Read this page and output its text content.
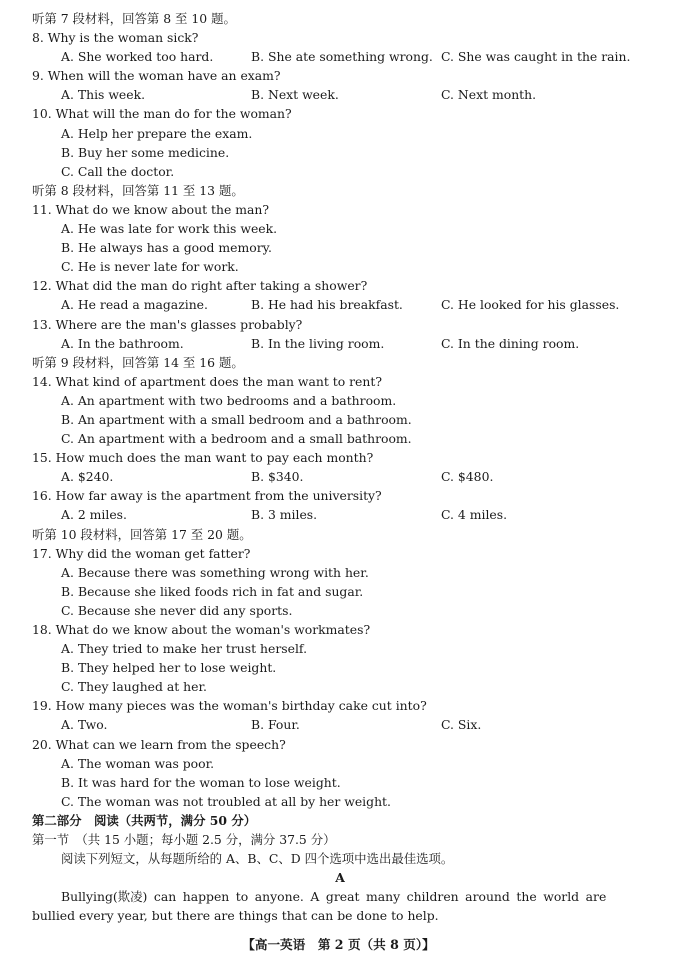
听第 7 段材料，回答第 8 至 10 题。
8. Why is the woman sick?
A. She worked too hard.	B. She ate something wrong. C. She was caught in the rain.
9. When will the woman have an exam?
A. This week.	B. Next week.	C. Next month.
10. What will the man do for the woman?
A. Help her prepare the exam.
B. Buy her some medicine.
C. Call the doctor.
听第 8 段材料，回答第 11 至 13 题。
11. What do we know about the man?
A. He was late for work this week.
B. He always has a good memory.
C. He is never late for work.
12. What did the man do right after taking a shower?
A. He read a magazine.	B. He had his breakfast.	C. He looked for his glasses.
13. Where are the man's glasses probably?
A. In the bathroom.	B. In the living room.	C. In the dining room.
听第 9 段材料，回答第 14 至 16 题。
14. What kind of apartment does the man want to rent?
A. An apartment with two bedrooms and a bathroom.
B. An apartment with a small bedroom and a bathroom.
C. An apartment with a bedroom and a small bathroom.
15. How much does the man want to pay each month?
A. $240.	B. $340.	C. $480.
16. How far away is the apartment from the university?
A. 2 miles.	B. 3 miles.	C. 4 miles.
听第 10 段材料，回答第 17 至 20 题。
17. Why did the woman get fatter?
A. Because there was something wrong with her.
B. Because she liked foods rich in fat and sugar.
C. Because she never did any sports.
18. What do we know about the woman's workmates?
A. They tried to make her trust herself.
B. They helped her to lose weight.
C. They laughed at her.
19. How many pieces was the woman's birthday cake cut into?
A. Two.	B. Four.	C. Six.
20. What can we learn from the speech?
A. The woman was poor.
B. It was hard for the woman to lose weight.
C. The woman was not troubled at all by her weight.
第二部分　阅读（共两节，满分 50 分）
第一节　（共 15 小题；每小题 2.5 分，满分 37.5 分）
阅读下列短文，从每题所给的 A、B、C、D 四个选项中选出最佳选项。
A
Bullying(欺凌) can happen to anyone. A great many children around the world are
bullied every year, but there are things that can be done to help.
【高一英语　第 2 页（共 8 页）】
